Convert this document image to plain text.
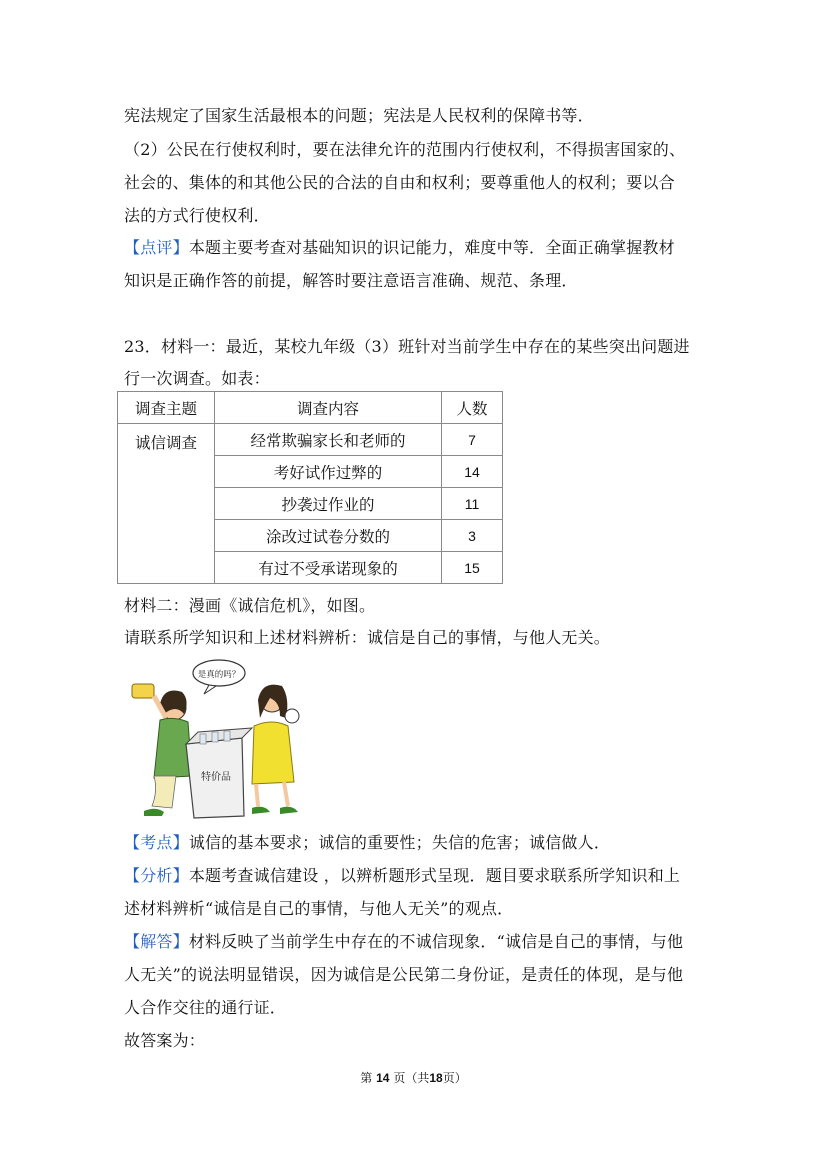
宪法规定了国家生活最根本的问题；宪法是人民权利的保障书等．
（2）公民在行使权利时，要在法律允许的范围内行使权利，不得损害国家的、
社会的、集体的和其他公民的合法的自由和权利；要尊重他人的权利；要以合
法的方式行使权利．
【点评】本题主要考查对基础知识的识记能力，难度中等．全面正确掌握教材
知识是正确作答的前提，解答时要注意语言准确、规范、条理．
23．材料一：最近，某校九年级（3）班针对当前学生中存在的某些突出问题进
行一次调查。如表：
调查主题	调查内容	人数
诚信调查	经常欺骗家长和老师的	7
	考好试作过弊的	14
	抄袭过作业的	11
	涂改过试卷分数的	3
	有过不受承诺现象的	15
材料二：漫画《诚信危机》，如图。
请联系所学知识和上述材料辨析：诚信是自己的事情，与他人无关。
是真的吗？
特价品
【考点】诚信的基本要求；诚信的重要性；失信的危害；诚信做人．
【分析】本题考查诚信建设 ，以辨析题形式呈现．题目要求联系所学知识和上
述材料辨析“诚信是自己的事情，与他人无关”的观点．
【解答】材料反映了当前学生中存在的不诚信现象．“诚信是自己的事情，与他
人无关”的说法明显错误，因为诚信是公民第二身份证，是责任的体现，是与他
人合作交往的通行证．
故答案为：
第 14 页（共18页）
